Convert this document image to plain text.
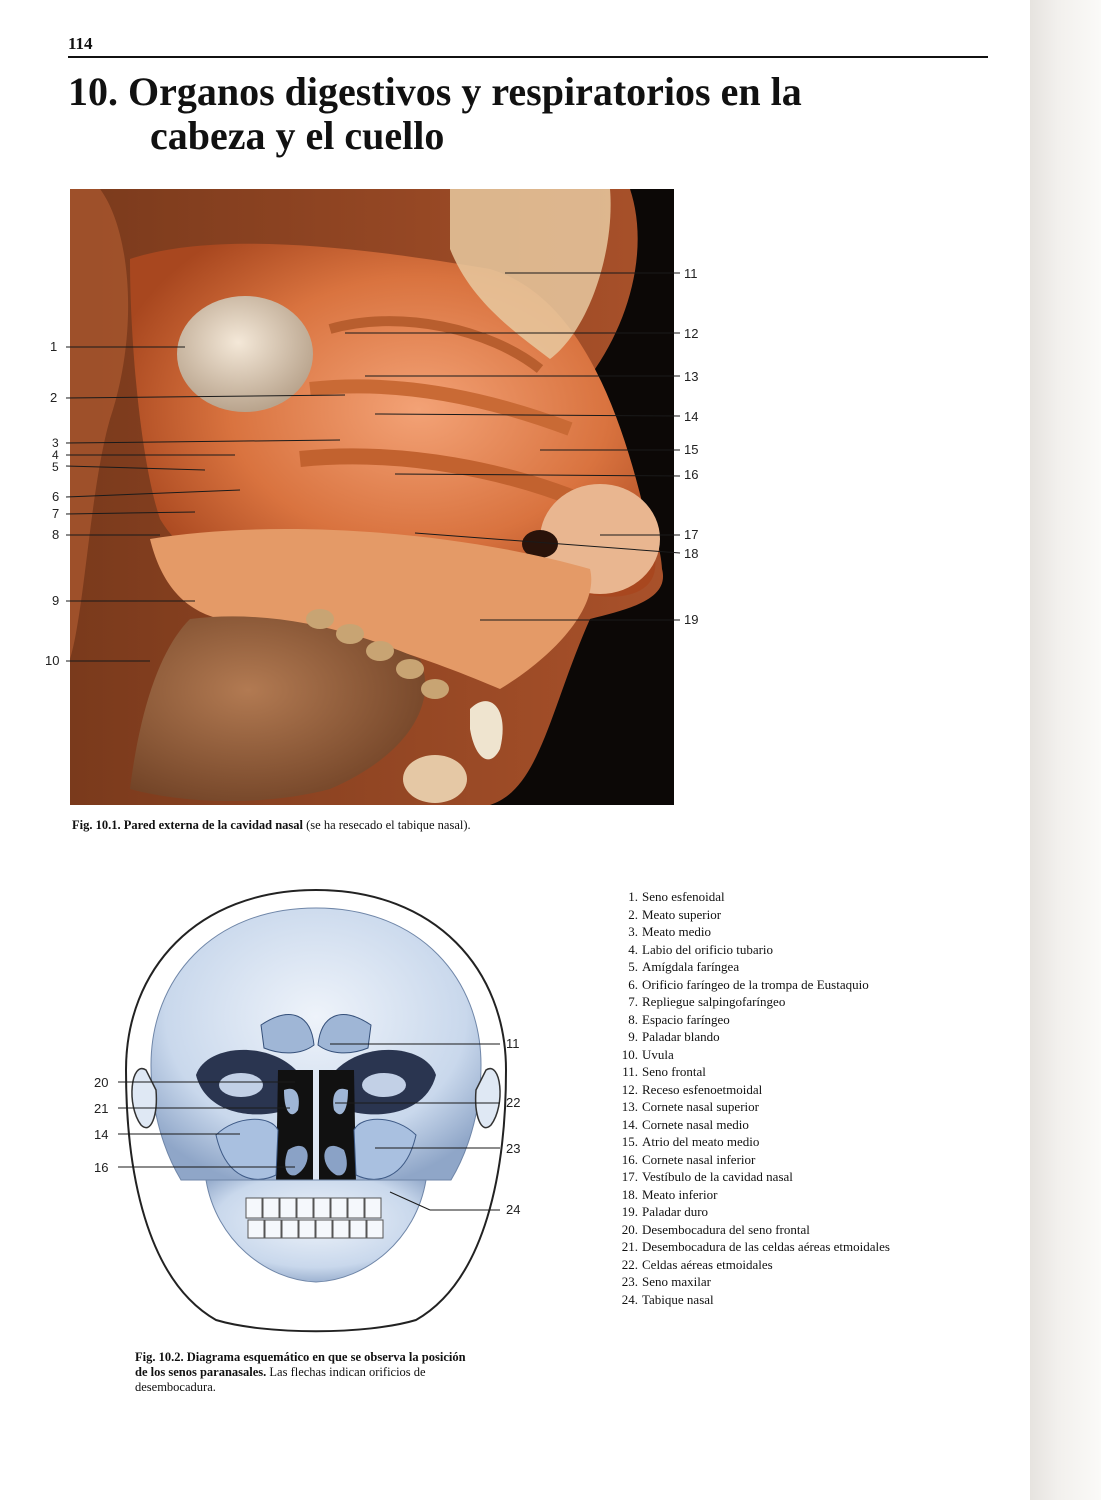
114
10. Organos digestivos y respiratorios en la
cabeza y el cuello
1
2
3
4
5
6
7
8
9
10
11
12
13
14
15
16
17
18
19
Fig. 10.1. Pared externa de la cavidad nasal (se ha resecado el tabique nasal).
20
21
14
16
11
22
23
24
Fig. 10.2. Diagrama esquemático en que se observa la posición de los senos paranasales. Las flechas indican orificios de desembocadura.
1. Seno esfenoidal
2. Meato superior
3. Meato medio
4. Labio del orificio tubario
5. Amígdala faríngea
6. Orificio faríngeo de la trompa de Eustaquio
7. Repliegue salpingofaríngeo
8. Espacio faríngeo
9. Paladar blando
10. Uvula
11. Seno frontal
12. Receso esfenoetmoidal
13. Cornete nasal superior
14. Cornete nasal medio
15. Atrio del meato medio
16. Cornete nasal inferior
17. Vestíbulo de la cavidad nasal
18. Meato inferior
19. Paladar duro
20. Desembocadura del seno frontal
21. Desembocadura de las celdas aéreas etmoidales
22. Celdas aéreas etmoidales
23. Seno maxilar
24. Tabique nasal
